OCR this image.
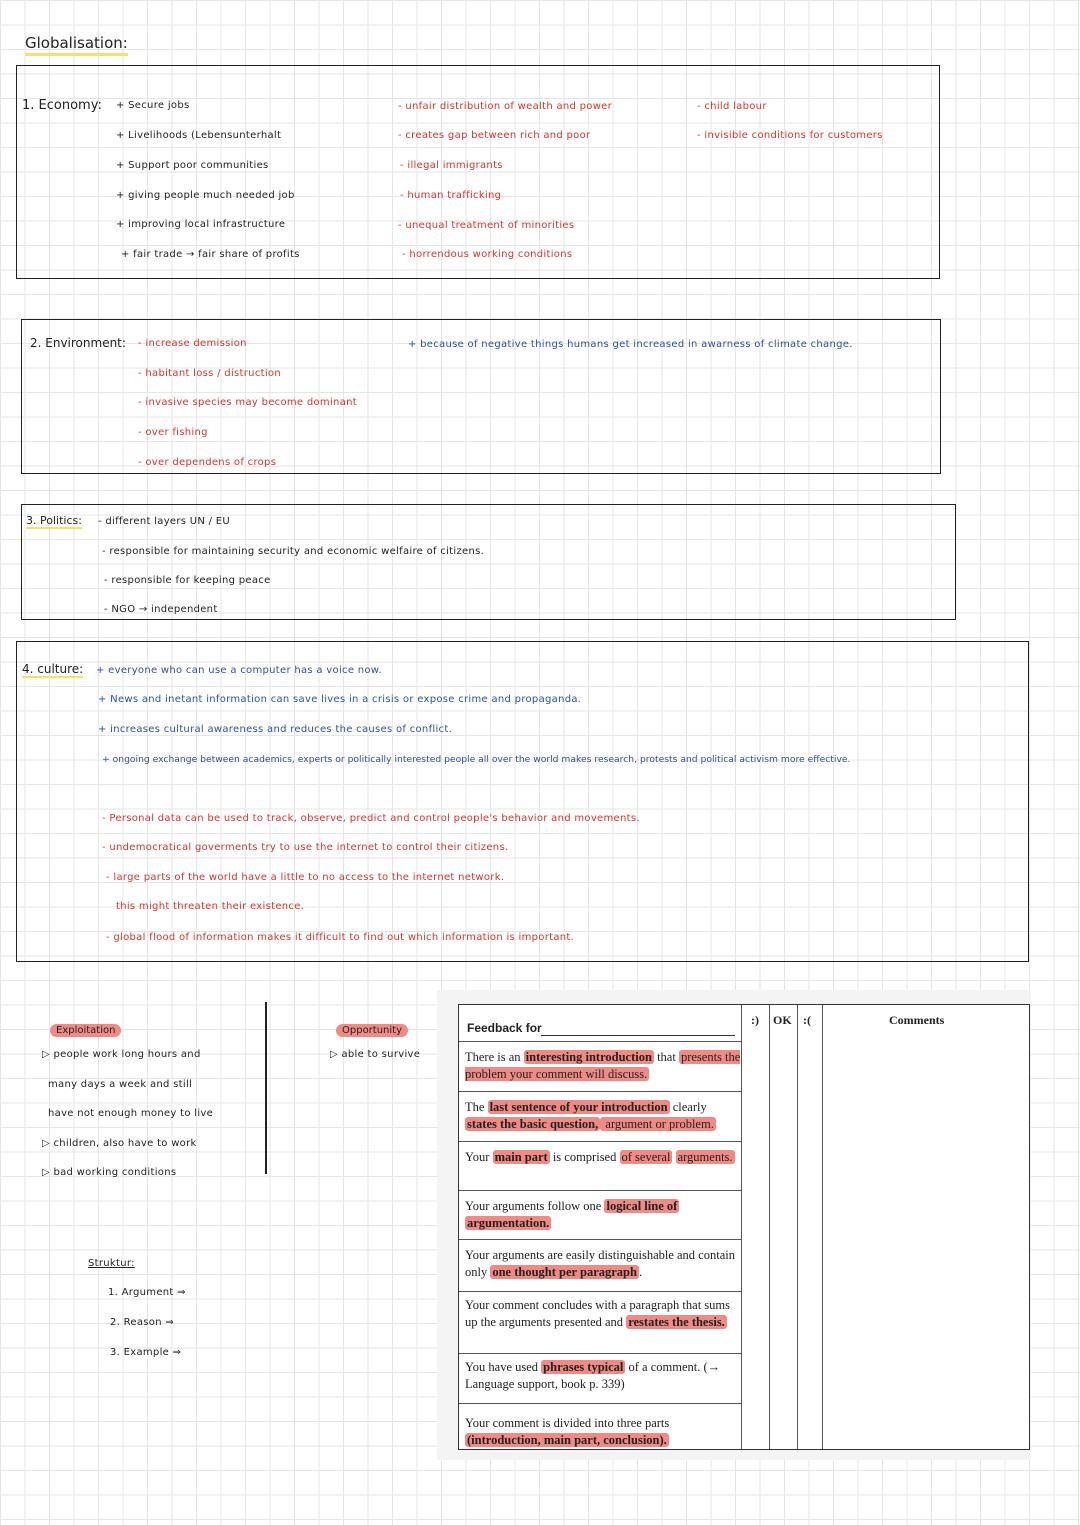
Globalisation:
1. Economy: + Secure jobs
+ Livelihoods (Lebensunterhalt
+ Support poor communities
+ giving people much needed job
+ improving local infrastructure
+ fair trade → fair share of profits
- unfair distribution of wealth and power
- creates gap between rich and poor
- illegal immigrants
- human trafficking
- unequal treatment of minorities
- horrendous working conditions
- child labour
- invisible conditions for customers
2. Environment: - increase demission
- habitant loss / distruction
- invasive species may become dominant
- over fishing
- over dependens of crops
+ because of negative things humans get increased in awarness of climate change.
3. Politics: - different layers UN / EU
- responsible for maintaining security and economic welfaire of citizens.
- responsible for keeping peace
- NGO → independent
4. culture: + everyone who can use a computer has a voice now.
+ News and inetant information can save lives in a crisis or expose crime and propaganda.
+ increases cultural awareness and reduces the causes of conflict.
+ ongoing exchange between academics, experts or politically interested people all over the world makes research, protests and political activism more effective.
- Personal data can be used to track, observe, predict and control people's behavior and movements.
- undemocratical goverments try to use the internet to control their citizens.
- large parts of the world have a little to no access to the internet network.
this might threaten their existence.
- global flood of information makes it difficult to find out which information is important.
Exploitation
▷ people work long hours and
many days a week and still
have not enough money to live
▷ children, also have to work
▷ bad working conditions
Opportunity
▷ able to survive
Struktur:
1. Argument ⇒
2. Reason ⇒
3. Example ⇒
Feedback for
:) OK :(	Comments
There is an interesting introduction that presents the problem your comment will discuss.
The last sentence of your introduction clearly states the basic question, argument or problem.
Your main part is comprised of several arguments.
Your arguments follow one logical line of argumentation.
Your arguments are easily distinguishable and contain only one thought per paragraph .
Your comment concludes with a paragraph that sums up the arguments presented and restates the thesis.
You have used phrases typical of a comment. (→ Language support, book p. 339)
Your comment is divided into three parts (introduction, main part, conclusion).
